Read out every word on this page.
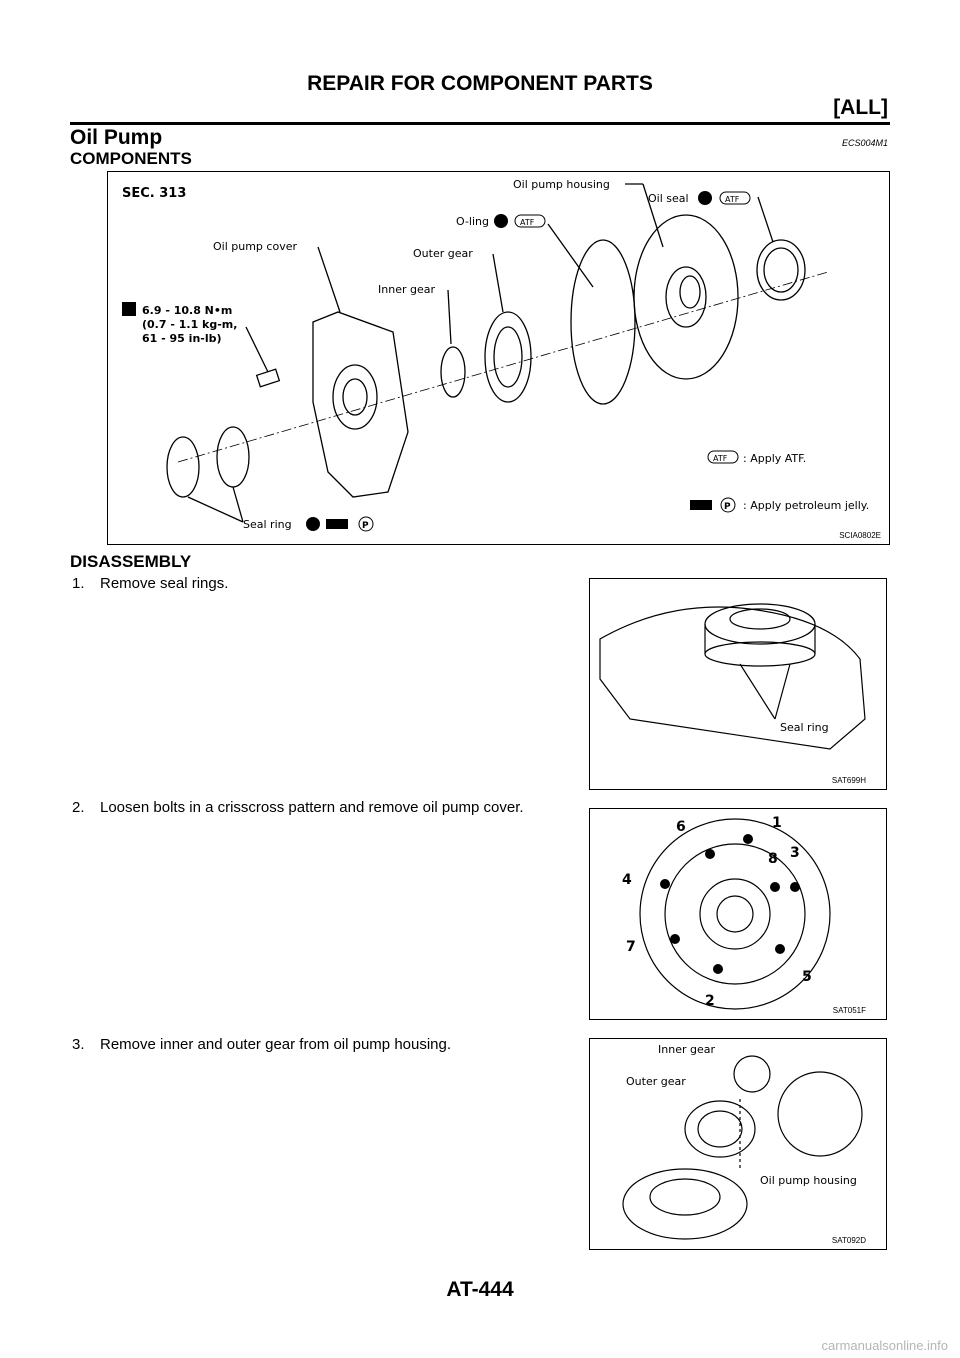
REPAIR FOR COMPONENT PARTS
[ALL]
Oil Pump	ECS004M1
COMPONENTS
SEC. 313
Oil pump housing
Oil seal	ATF
O-ling	ATF
Oil pump cover
Outer gear
Inner gear
6.9 - 10.8 N•m
(0.7 - 1.1 kg-m,
61 - 95 in-lb)
ATF : Apply ATF.
P : Apply petroleum jelly.
Seal ring	P
SCIA0802E
DISASSEMBLY
1. Remove seal rings.
2. Loosen bolts in a crisscross pattern and remove oil pump cover.
3. Remove inner and outer gear from oil pump housing.
Seal ring
SAT699H
1
2
3
4
5
6
7
8
SAT051F
Inner gear
Outer gear
Oil pump housing
SAT092D
AT-444
carmanualsonline.info
